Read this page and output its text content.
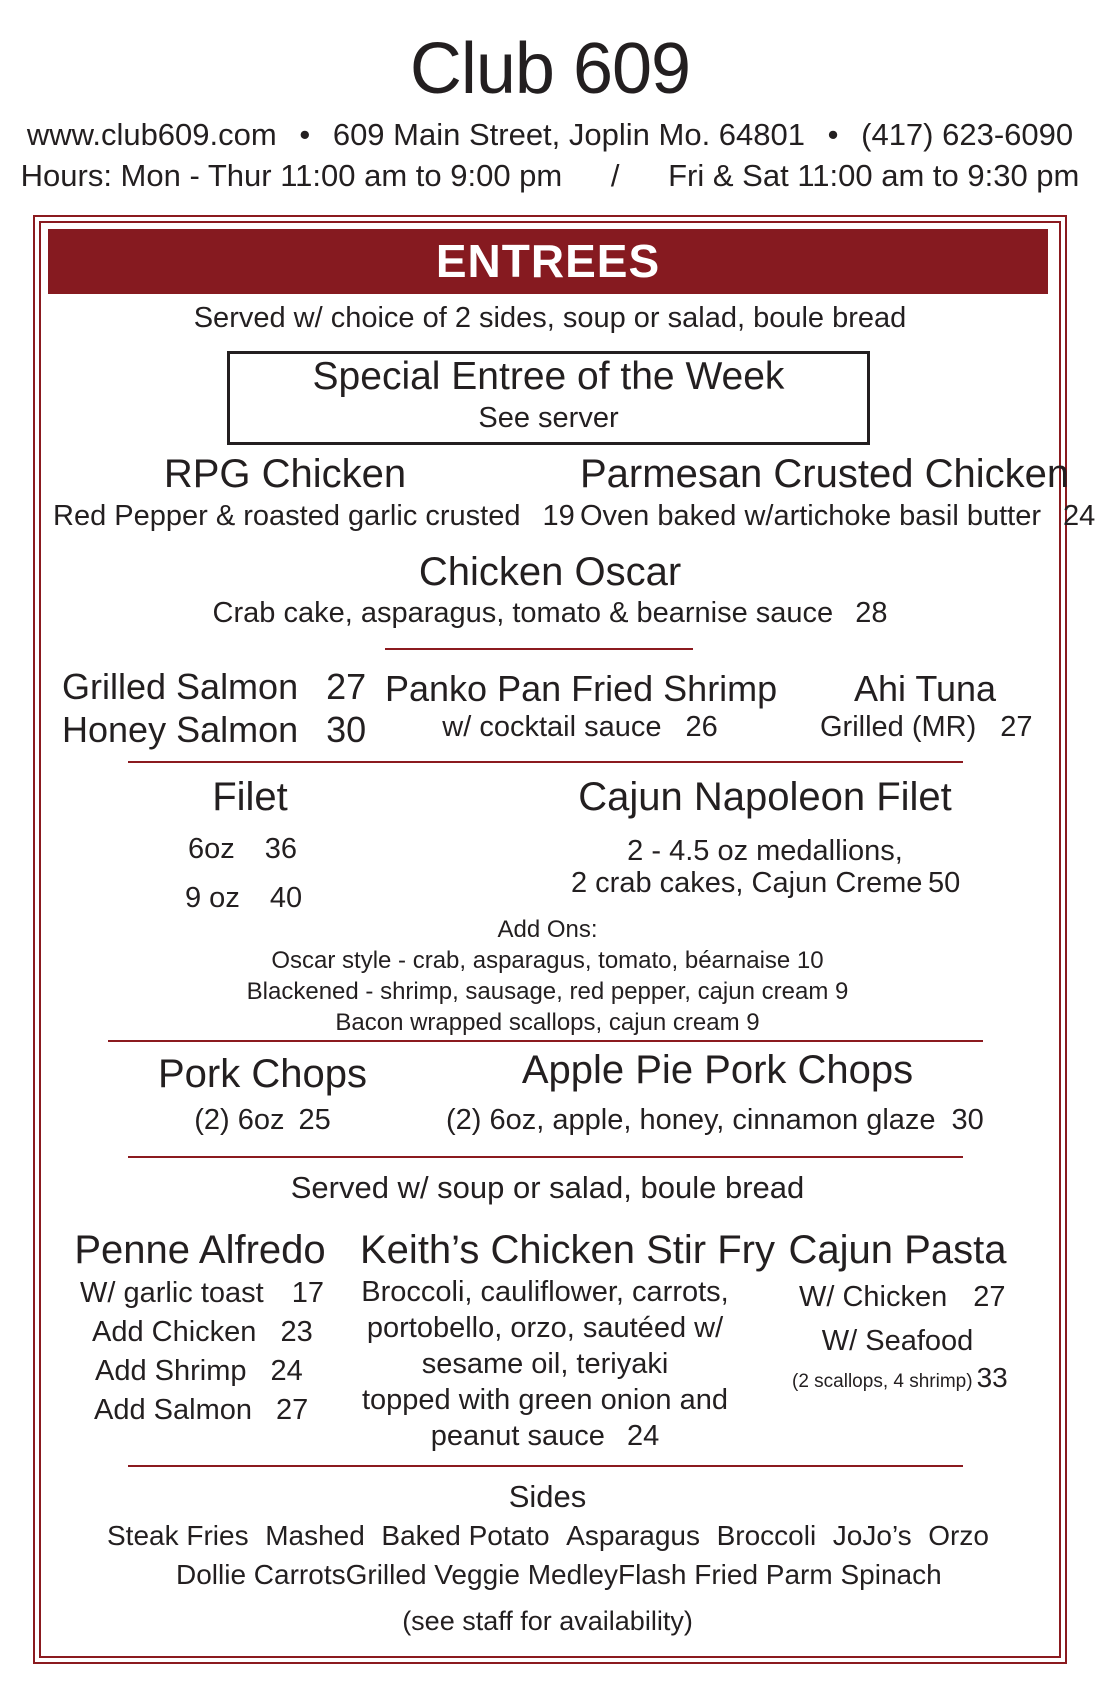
Club 609
www.club609.com • 609 Main Street, Joplin Mo. 64801 • (417) 623-6090
Hours: Mon - Thur 11:00 am to 9:00 pm / Fri & Sat 11:00 am to 9:30 pm
ENTREES
Served w/ choice of 2 sides, soup or salad, boule bread
Special Entree of the Week
See server
RPG Chicken
Red Pepper & roasted garlic crusted 19
Parmesan Crusted Chicken
Oven baked w/artichoke basil butter 24
Chicken Oscar
Crab cake, asparagus, tomato & bearnise sauce 28
Grilled Salmon 27
Honey Salmon 30
Panko Pan Fried Shrimp
w/ cocktail sauce 26
Ahi Tuna
Grilled (MR) 27
Filet
6oz 36
9 oz 40
Cajun Napoleon Filet
2 - 4.5 oz medallions,
2 crab cakes, Cajun Creme 50
Add Ons:
Oscar style - crab, asparagus, tomato, béarnaise 10
Blackened - shrimp, sausage, red pepper, cajun cream 9
Bacon wrapped scallops, cajun cream 9
Pork Chops
(2) 6oz 25
Apple Pie Pork Chops
(2) 6oz, apple, honey, cinnamon glaze 30
Served w/ soup or salad, boule bread
Penne Alfredo
W/ garlic toast 17
Add Chicken 23
Add Shrimp 24
Add Salmon 27
Keith’s Chicken Stir Fry
Broccoli, cauliflower, carrots,
portobello, orzo, sautéed w/
sesame oil, teriyaki
topped with green onion and
peanut sauce 24
Cajun Pasta
W/ Chicken 27
W/ Seafood
(2 scallops, 4 shrimp) 33
Sides
Steak Fries Mashed Baked Potato Asparagus Broccoli JoJo’s Orzo
Dollie Carrots Grilled Veggie Medley Flash Fried Parm Spinach
(see staff for availability)
